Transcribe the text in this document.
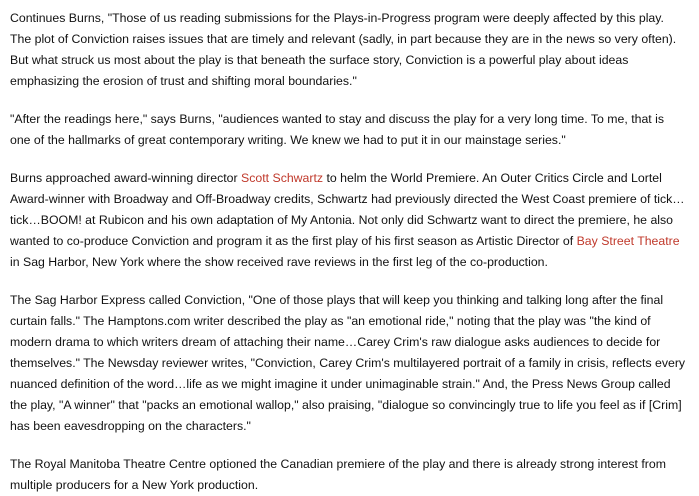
Continues Burns, "Those of us reading submissions for the Plays-in-Progress program were deeply affected by this play. The plot of Conviction raises issues that are timely and relevant (sadly, in part because they are in the news so very often). But what struck us most about the play is that beneath the surface story, Conviction is a powerful play about ideas emphasizing the erosion of trust and shifting moral boundaries."

"After the readings here," says Burns, "audiences wanted to stay and discuss the play for a very long time. To me, that is one of the hallmarks of great contemporary writing. We knew we had to put it in our mainstage series."

Burns approached award-winning director Scott Schwartz to helm the World Premiere. An Outer Critics Circle and Lortel Award-winner with Broadway and Off-Broadway credits, Schwartz had previously directed the West Coast premiere of tick…tick…BOOM! at Rubicon and his own adaptation of My Antonia. Not only did Schwartz want to direct the premiere, he also wanted to co-produce Conviction and program it as the first play of his first season as Artistic Director of Bay Street Theatre in Sag Harbor, New York where the show received rave reviews in the first leg of the co-production.

The Sag Harbor Express called Conviction, "One of those plays that will keep you thinking and talking long after the final curtain falls." The Hamptons.com writer described the play as "an emotional ride," noting that the play was "the kind of modern drama to which writers dream of attaching their name…Carey Crim's raw dialogue asks audiences to decide for themselves." The Newsday reviewer writes, "Conviction, Carey Crim's multilayered portrait of a family in crisis, reflects every nuanced definition of the word…life as we might imagine it under unimaginable strain." And, the Press News Group called the play, "A winner" that "packs an emotional wallop," also praising, "dialogue so convincingly true to life you feel as if [Crim] has been eavesdropping on the characters."

The Royal Manitoba Theatre Centre optioned the Canadian premiere of the play and there is already strong interest from multiple producers for a New York production.
